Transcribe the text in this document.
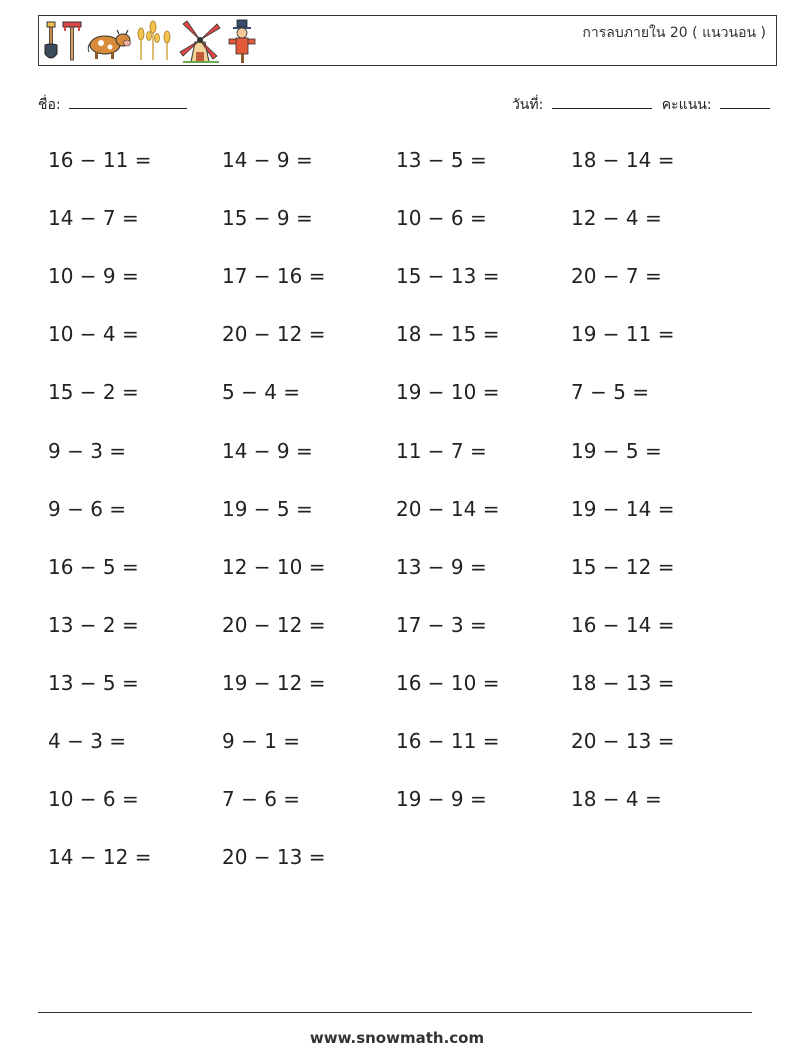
การลบภายใน 20 ( แนวนอน )
ชื่อ:	วันที่:	คะแนน:
16 − 11 =	14 − 9 =	13 − 5 =	18 − 14 =
14 − 7 =	15 − 9 =	10 − 6 =	12 − 4 =
10 − 9 =	17 − 16 =	15 − 13 =	20 − 7 =
10 − 4 =	20 − 12 =	18 − 15 =	19 − 11 =
15 − 2 =	5 − 4 =	19 − 10 =	7 − 5 =
9 − 3 =	14 − 9 =	11 − 7 =	19 − 5 =
9 − 6 =	19 − 5 =	20 − 14 =	19 − 14 =
16 − 5 =	12 − 10 =	13 − 9 =	15 − 12 =
13 − 2 =	20 − 12 =	17 − 3 =	16 − 14 =
13 − 5 =	19 − 12 =	16 − 10 =	18 − 13 =
4 − 3 =	9 − 1 =	16 − 11 =	20 − 13 =
10 − 6 =	7 − 6 =	19 − 9 =	18 − 4 =
14 − 12 =	20 − 13 =
www.snowmath.com
